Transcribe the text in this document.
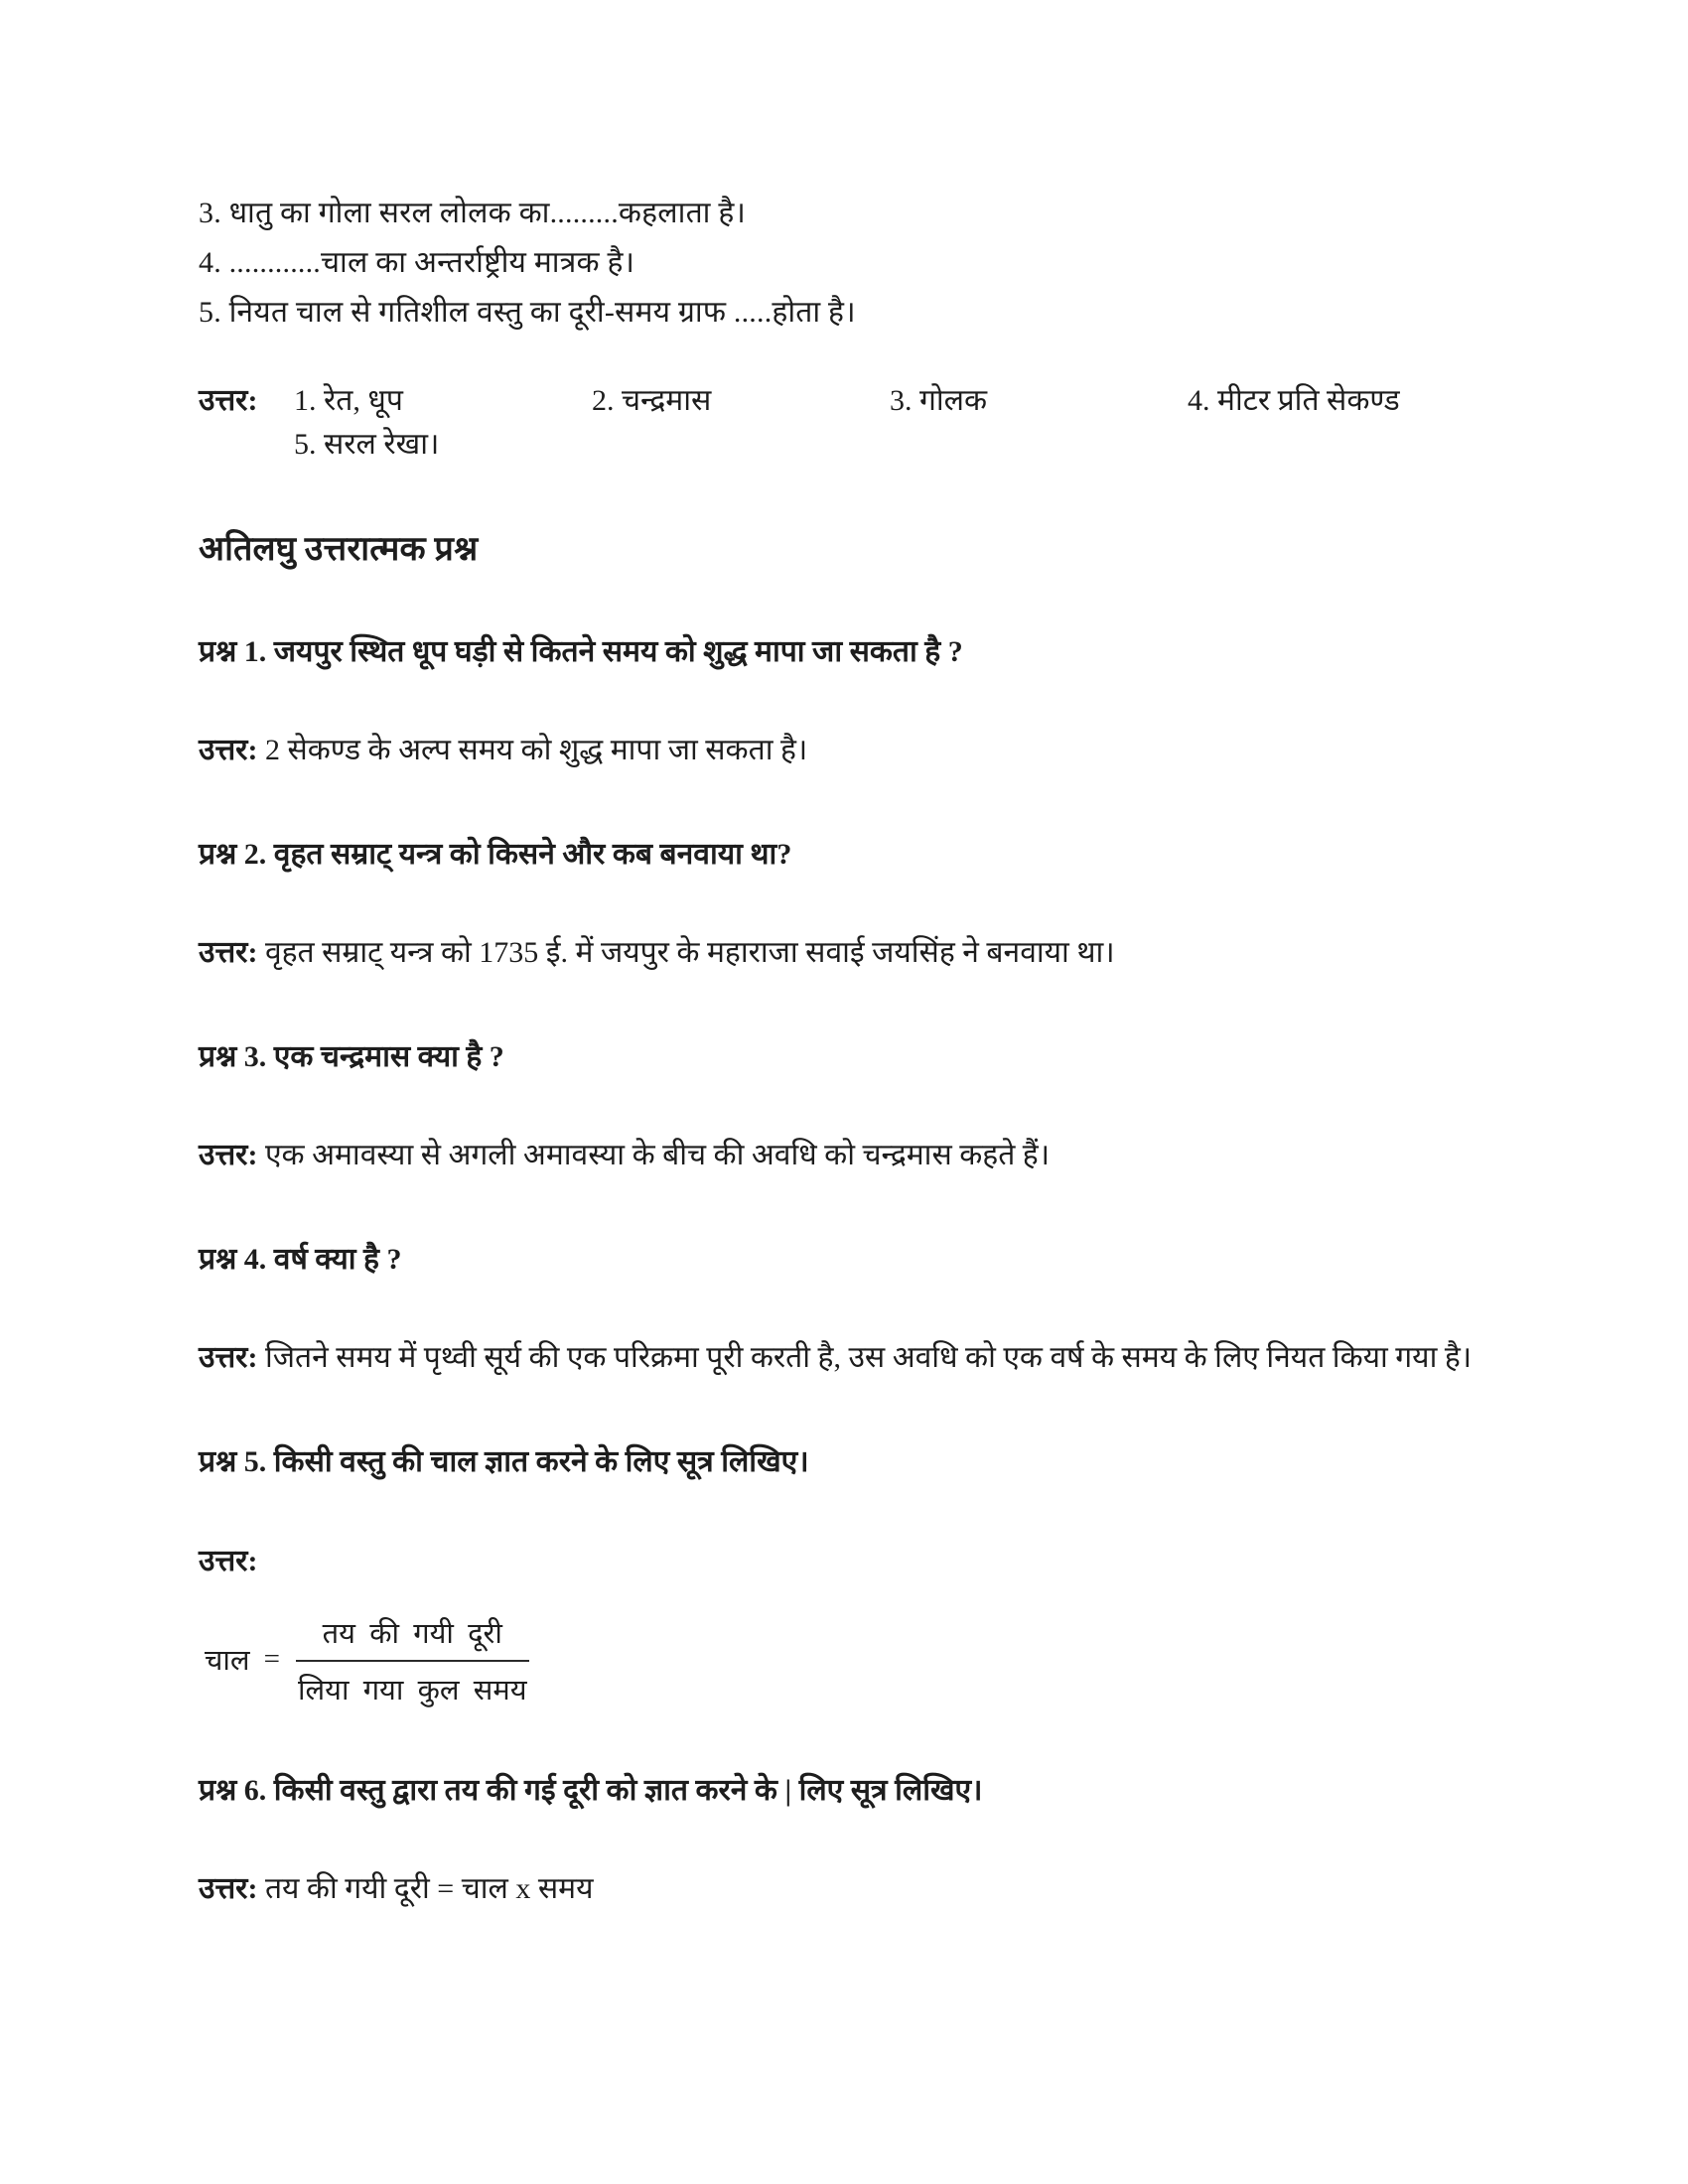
3. धातु का गोला सरल लोलक का.........कहलाता है।

4. ............चाल का अन्तर्राष्ट्रीय मात्रक है।

5. नियत चाल से गतिशील वस्तु का दूरी-समय ग्राफ .....होता है।

उत्तर:	1. रेत, धूप	2. चन्द्रमास	3. गोलक	4. मीटर प्रति सेकण्ड
5. सरल रेखा।
अतिलघु उत्तरात्मक प्रश्न

प्रश्न 1. जयपुर स्थित धूप घड़ी से कितने समय को शुद्ध मापा जा सकता है ?

उत्तर: 2 सेकण्ड के अल्प समय को शुद्ध मापा जा सकता है।

प्रश्न 2. वृहत सम्राट् यन्त्र को किसने और कब बनवाया था?

उत्तर: वृहत सम्राट् यन्त्र को 1735 ई. में जयपुर के महाराजा सवाई जयसिंह ने बनवाया था।

प्रश्न 3. एक चन्द्रमास क्या है ?

उत्तर: एक अमावस्या से अगली अमावस्या के बीच की अवधि को चन्द्रमास कहते हैं।

प्रश्न 4. वर्ष क्या है ?

उत्तर: जितने समय में पृथ्वी सूर्य की एक परिक्रमा पूरी करती है, उस अवधि को एक वर्ष के समय के लिए नियत किया गया है।

प्रश्न 5. किसी वस्तु की चाल ज्ञात करने के लिए सूत्र लिखिए।

उत्तर:

चाल = $\frac{\text{तय की गयी दूरी}}{\text{लिया गया कुल समय}}$

प्रश्न 6. किसी वस्तु द्वारा तय की गई दूरी को ज्ञात करने के | लिए सूत्र लिखिए।

उत्तर: तय की गयी दूरी = चाल x समय
